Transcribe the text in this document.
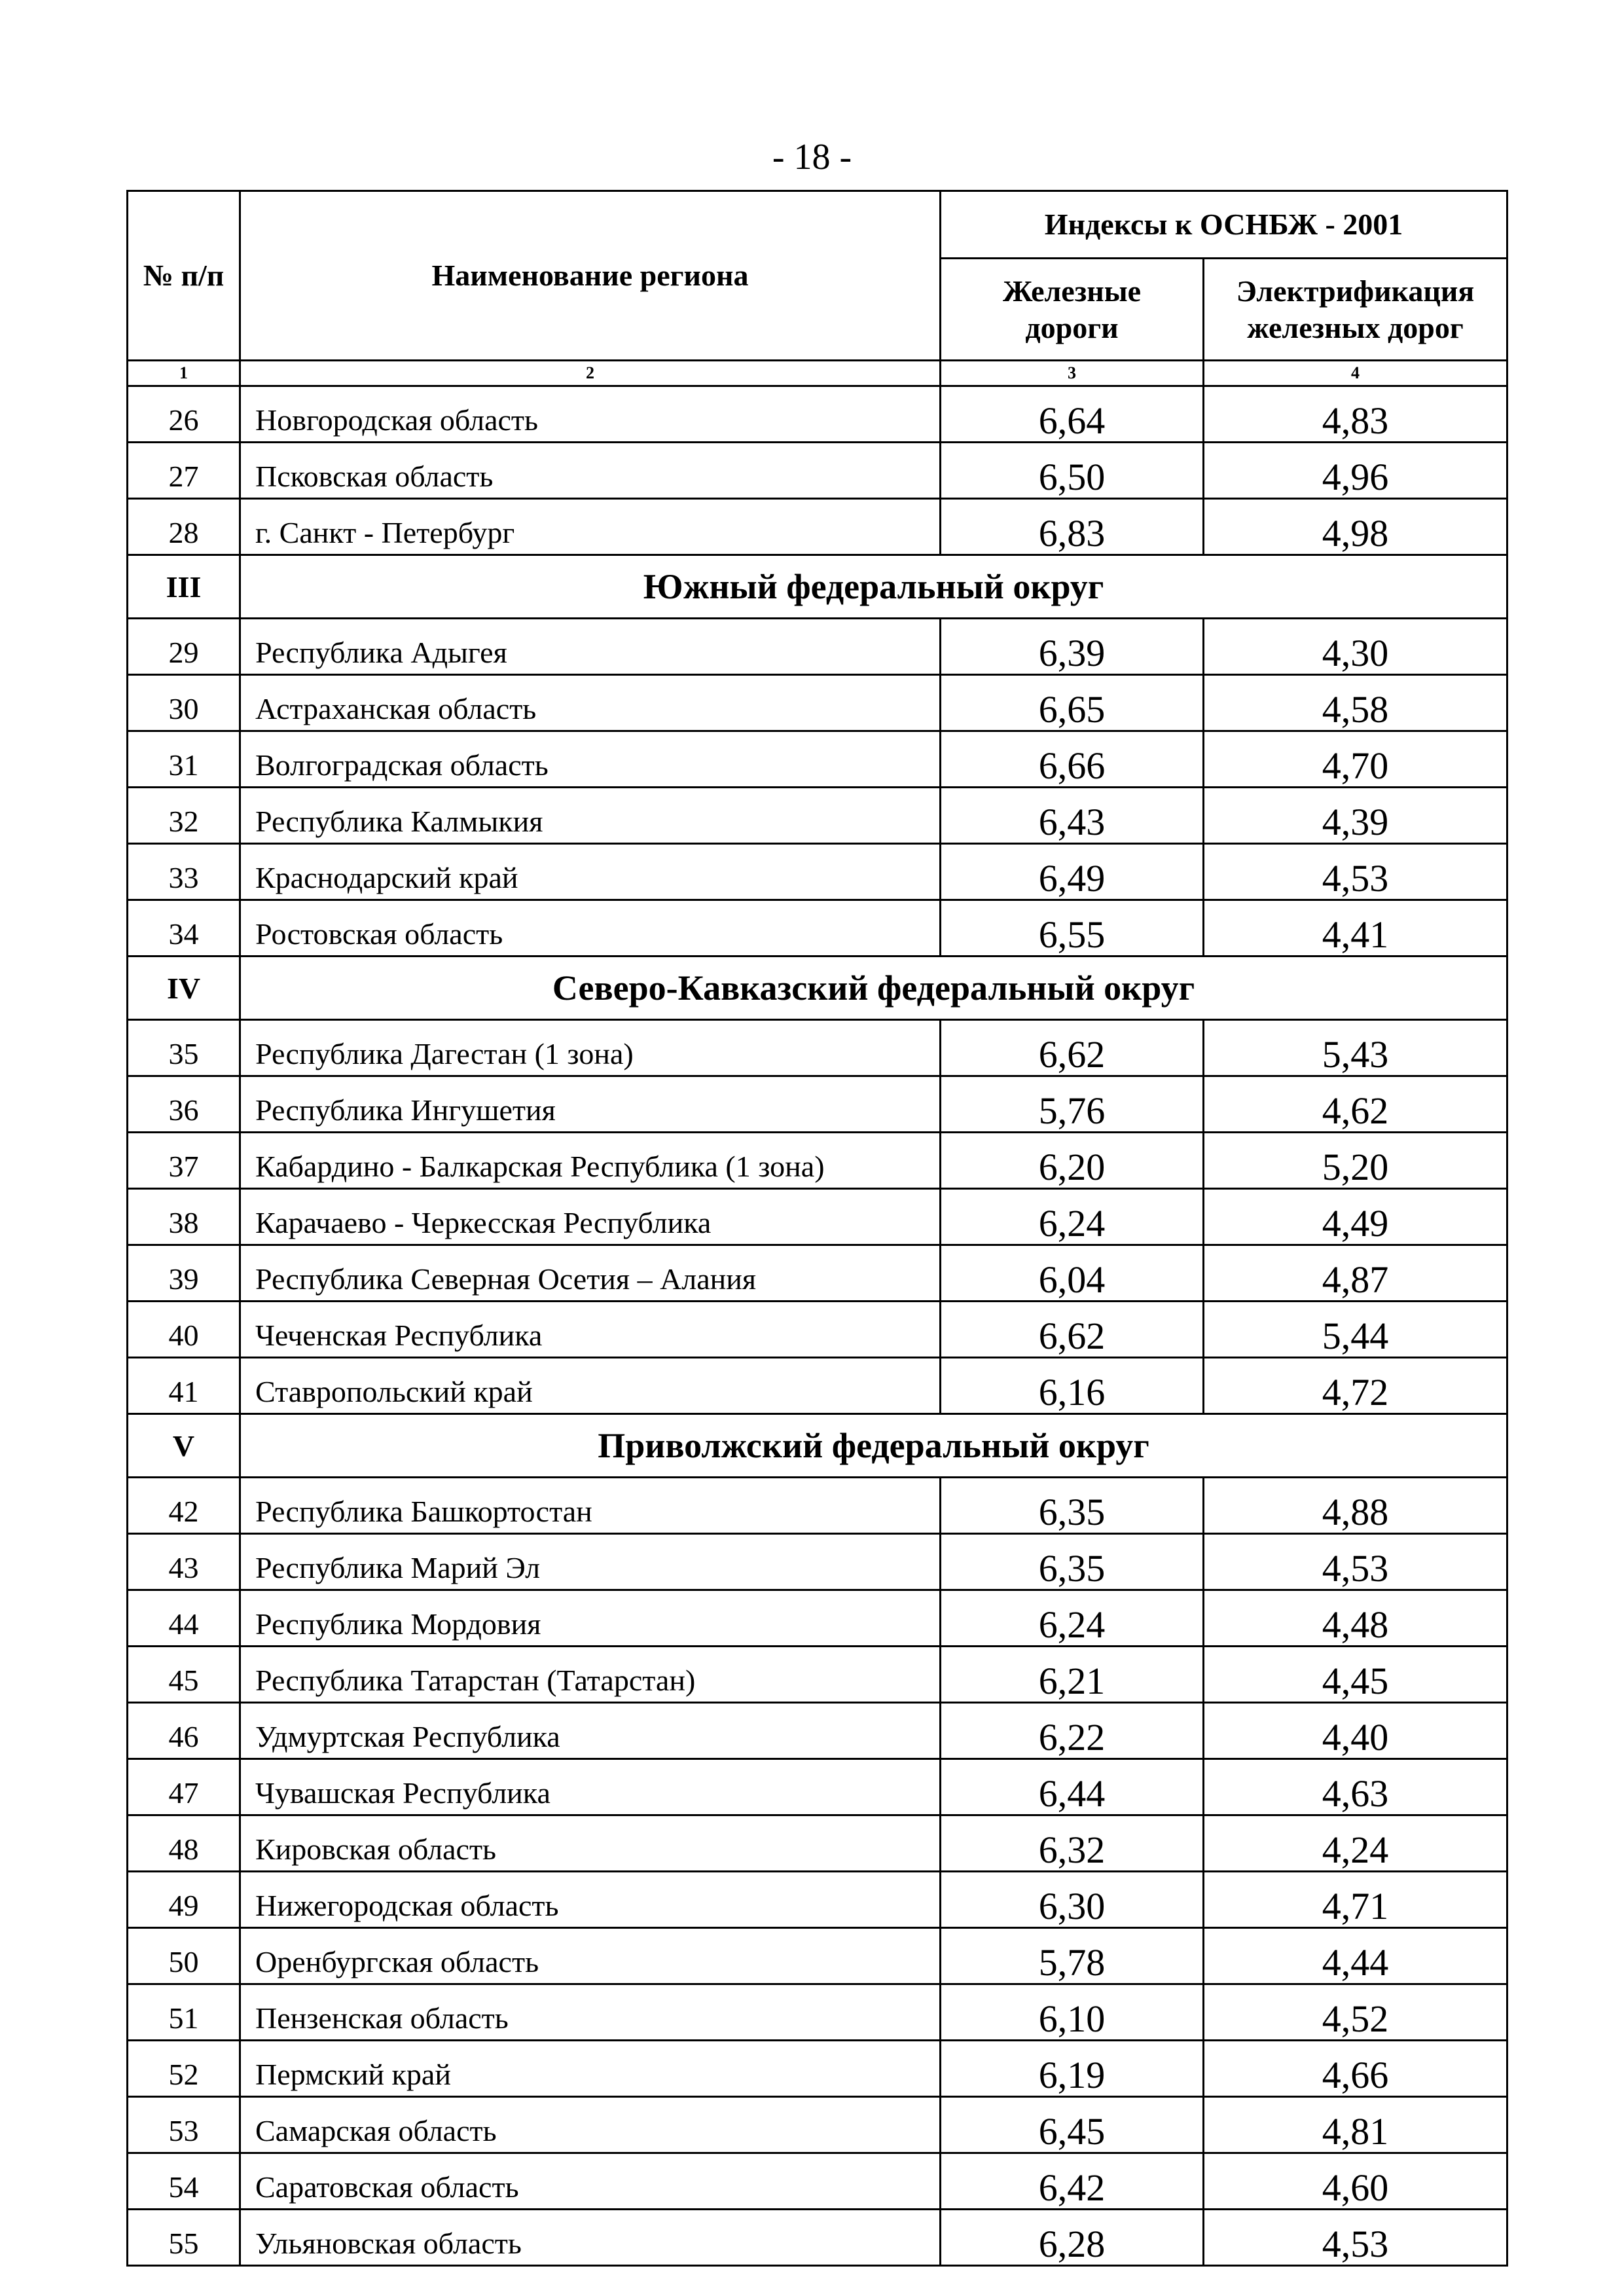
- 18 -
№ п/п	Наименование региона	Индексы к ОСНБЖ - 2001	

		Железные дороги	Электрификация железных дорог

1	2	3	4
26	Новгородская область	6,64	4,83
27	Псковская область	6,50	4,96
28	г. Санкт - Петербург	6,83	4,98
III	Южный федеральный округ		
29	Республика Адыгея	6,39	4,30
30	Астраханская область	6,65	4,58
31	Волгоградская область	6,66	4,70
32	Республика Калмыкия	6,43	4,39
33	Краснодарский край	6,49	4,53
34	Ростовская область	6,55	4,41
IV	Северо-Кавказский федеральный округ		
35	Республика Дагестан (1 зона)	6,62	5,43
36	Республика Ингушетия	5,76	4,62
37	Кабардино - Балкарская Республика (1 зона)	6,20	5,20
38	Карачаево - Черкесская Республика	6,24	4,49
39	Республика Северная Осетия – Алания	6,04	4,87
40	Чеченская Республика	6,62	5,44
41	Ставропольский край	6,16	4,72
V	Приволжский федеральный округ		
42	Республика Башкортостан	6,35	4,88
43	Республика Марий Эл	6,35	4,53
44	Республика Мордовия	6,24	4,48
45	Республика Татарстан (Татарстан)	6,21	4,45
46	Удмуртская Республика	6,22	4,40
47	Чувашская Республика	6,44	4,63
48	Кировская область	6,32	4,24
49	Нижегородская область	6,30	4,71
50	Оренбургская область	5,78	4,44
51	Пензенская область	6,10	4,52
52	Пермский край	6,19	4,66
53	Самарская область	6,45	4,81
54	Саратовская область	6,42	4,60
55	Ульяновская область	6,28	4,53
